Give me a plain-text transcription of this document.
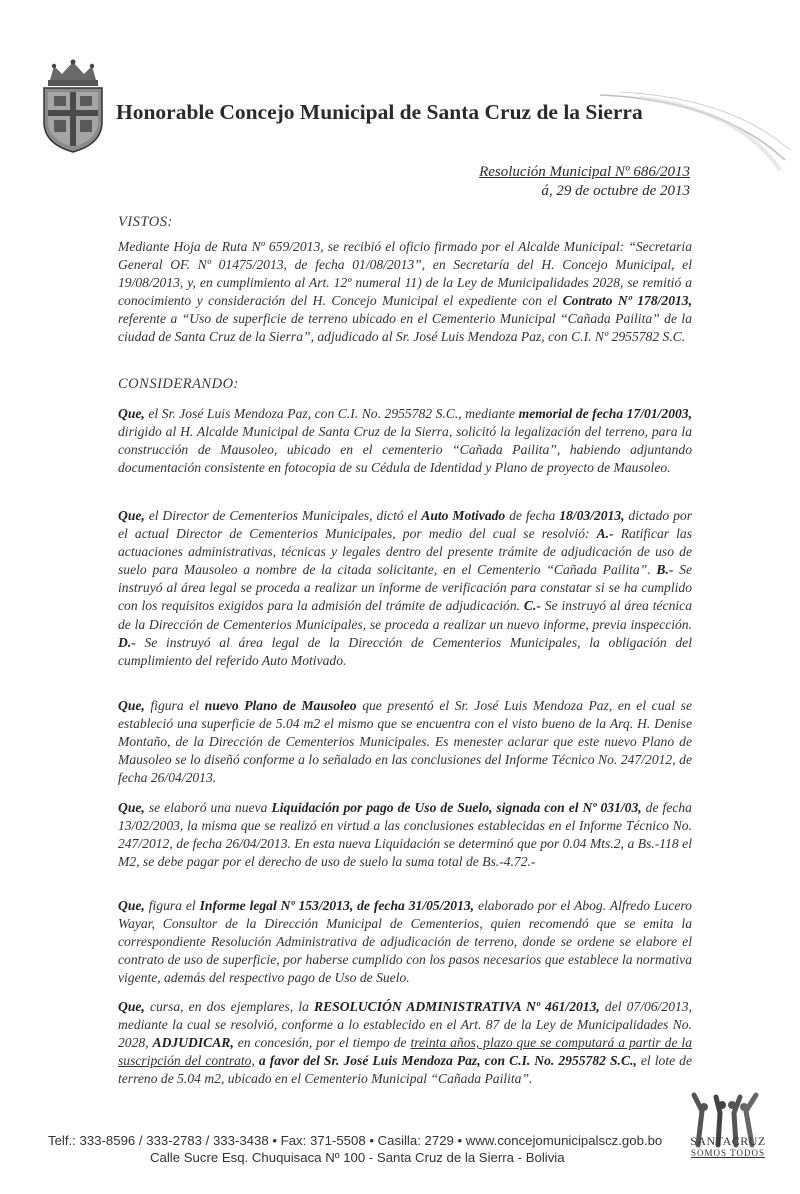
Honorable Concejo Municipal de Santa Cruz de la Sierra
Resolución Municipal Nº 686/2013
á, 29 de octubre de 2013
VISTOS:
Mediante Hoja de Ruta Nº 659/2013, se recibió el oficio firmado por el Alcalde Municipal: “Secretaria General OF. Nº 01475/2013, de fecha 01/08/2013”, en Secretaría del H. Concejo Municipal, el 19/08/2013, y, en cumplimiento al Art. 12º numeral 11) de la Ley de Municipalidades 2028, se remitió a conocimiento y consideración del H. Concejo Municipal el expediente con el Contrato Nº 178/2013, referente a “Uso de superficie de terreno ubicado en el Cementerio Municipal “Cañada Pailita” de la ciudad de Santa Cruz de la Sierra”, adjudicado al Sr. José Luis Mendoza Paz, con C.I. Nº 2955782 S.C.
CONSIDERANDO:
Que, el Sr. José Luis Mendoza Paz, con C.I. No. 2955782 S.C., mediante memorial de fecha 17/01/2003, dirigido al H. Alcalde Municipal de Santa Cruz de la Sierra, solicitó la legalización del terreno, para la construcción de Mausoleo, ubicado en el cementerio “Cañada Pailita”, habiendo adjuntando documentación consistente en fotocopia de su Cédula de Identidad y Plano de proyecto de Mausoleo.
Que, el Director de Cementerios Municipales, dictó el Auto Motivado de fecha 18/03/2013, dictado por el actual Director de Cementerios Municipales, por medio del cual se resolvió: A.- Ratificar las actuaciones administrativas, técnicas y legales dentro del presente trámite de adjudicación de uso de suelo para Mausoleo a nombre de la citada solicitante, en el Cementerio “Cañada Pailita”. B.- Se instruyó al área legal se proceda a realizar un informe de verificación para constatar si se ha cumplido con los requisitos exigidos para la admisión del trámite de adjudicación. C.- Se instruyó al área técnica de la Dirección de Cementerios Municipales, se proceda a realizar un nuevo informe, previa inspección. D.- Se instruyó al área legal de la Dirección de Cementerios Municipales, la obligación del cumplimiento del referido Auto Motivado.
Que, figura el nuevo Plano de Mausoleo que presentó el Sr. José Luis Mendoza Paz, en el cual se estableció una superficie de 5.04 m2 el mismo que se encuentra con el visto bueno de la Arq. H. Denise Montaño, de la Dirección de Cementerios Municipales. Es menester aclarar que este nuevo Plano de Mausoleo se lo diseñó conforme a lo señalado en las conclusiones del Informe Técnico No. 247/2012, de fecha 26/04/2013.
Que, se elaboró una nueva Liquidación por pago de Uso de Suelo, signada con el Nº 031/03, de fecha 13/02/2003, la misma que se realizó en virtud a las conclusiones establecidas en el Informe Técnico No. 247/2012, de fecha 26/04/2013. En esta nueva Liquidación se determinó que por 0.04 Mts.2, a Bs.-118 el M2, se debe pagar por el derecho de uso de suelo la suma total de Bs.-4.72.-
Que, figura el Informe legal Nº 153/2013, de fecha 31/05/2013, elaborado por el Abog. Alfredo Lucero Wayar, Consultor de la Dirección Municipal de Cementerios, quien recomendó que se emita la correspondiente Resolución Administrativa de adjudicación de terreno, donde se ordene se elabore el contrato de uso de superficie, por haberse cumplido con los pasos necesarios que establece la normativa vigente, además del respectivo pago de Uso de Suelo.
Que, cursa, en dos ejemplares, la RESOLUCIÓN ADMINISTRATIVA Nº 461/2013, del 07/06/2013, mediante la cual se resolvió, conforme a lo establecido en el Art. 87 de la Ley de Municipalidades No. 2028, ADJUDICAR, en concesión, por el tiempo de treinta años, plazo que se computará a partir de la suscripción del contrato, a favor del Sr. José Luis Mendoza Paz, con C.I. No. 2955782 S.C., el lote de terreno de 5.04 m2, ubicado en el Cementerio Municipal “Cañada Pailita”.
SANTACRUZ
SOMOS TODOS
Telf.: 333-8596 / 333-2783 / 333-3438 • Fax: 371-5508 • Casilla: 2729 • www.concejomunicipalscz.gob.bo
Calle Sucre Esq. Chuquisaca Nº 100 - Santa Cruz de la Sierra - Bolivia
